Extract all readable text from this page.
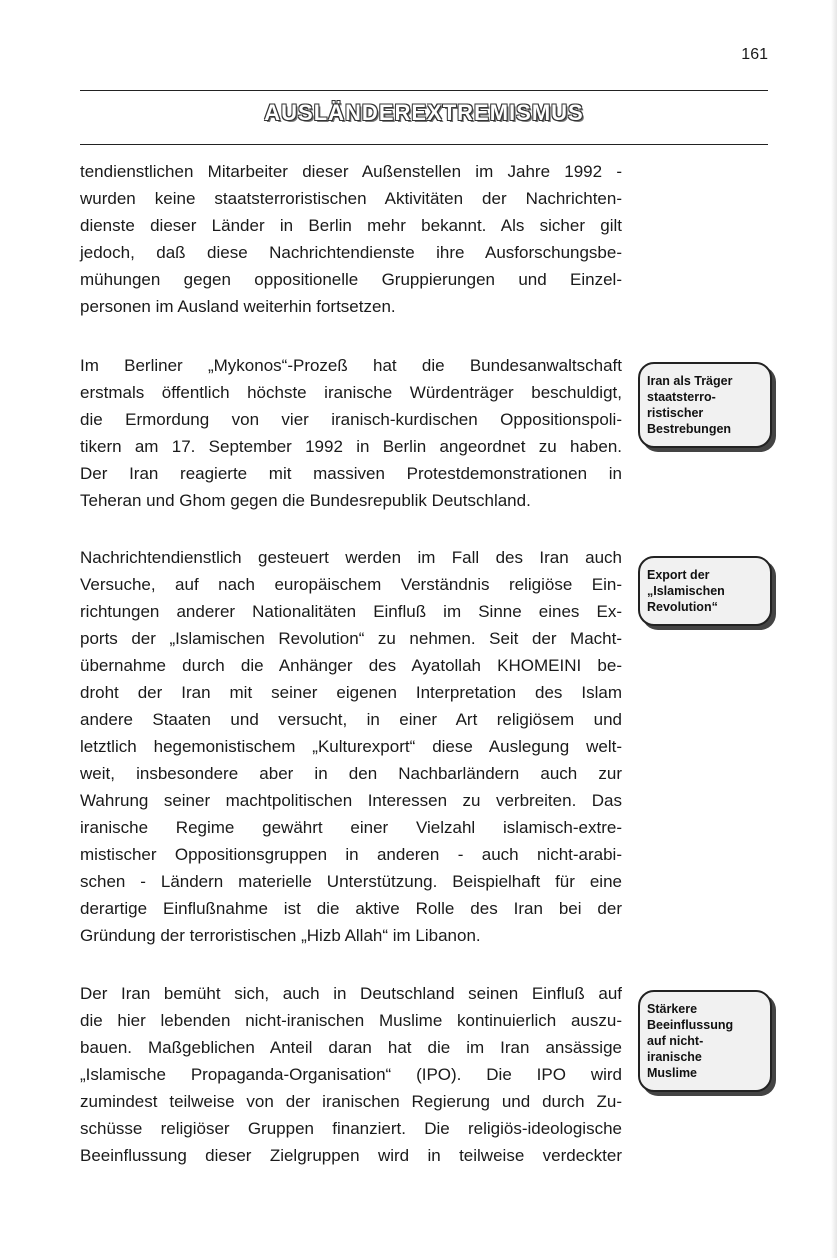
161
AUSLÄNDEREXTREMISMUS
tendienstlichen Mitarbeiter dieser Außenstellen im Jahre 1992 -
wurden keine staatsterroristischen Aktivitäten der Nachrichten-
dienste dieser Länder in Berlin mehr bekannt. Als sicher gilt
jedoch, daß diese Nachrichtendienste ihre Ausforschungsbe-
mühungen gegen oppositionelle Gruppierungen und Einzel-
personen im Ausland weiterhin fortsetzen.
Im Berliner „Mykonos“-Prozeß hat die Bundesanwaltschaft
erstmals öffentlich höchste iranische Würdenträger beschuldigt,
die Ermordung von vier iranisch-kurdischen Oppositionspoli-
tikern am 17. September 1992 in Berlin angeordnet zu haben.
Der Iran reagierte mit massiven Protestdemonstrationen in
Teheran und Ghom gegen die Bundesrepublik Deutschland.
Nachrichtendienstlich gesteuert werden im Fall des Iran auch
Versuche, auf nach europäischem Verständnis religiöse Ein-
richtungen anderer Nationalitäten Einfluß im Sinne eines Ex-
ports der „Islamischen Revolution“ zu nehmen. Seit der Macht-
übernahme durch die Anhänger des Ayatollah KHOMEINI be-
droht der Iran mit seiner eigenen Interpretation des Islam
andere Staaten und versucht, in einer Art religiösem und
letztlich hegemonistischem „Kulturexport“ diese Auslegung welt-
weit, insbesondere aber in den Nachbarländern auch zur
Wahrung seiner machtpolitischen Interessen zu verbreiten. Das
iranische Regime gewährt einer Vielzahl islamisch-extre-
mistischer Oppositionsgruppen in anderen - auch nicht-arabi-
schen - Ländern materielle Unterstützung. Beispielhaft für eine
derartige Einflußnahme ist die aktive Rolle des Iran bei der
Gründung der terroristischen „Hizb Allah“ im Libanon.
Der Iran bemüht sich, auch in Deutschland seinen Einfluß auf
die hier lebenden nicht-iranischen Muslime kontinuierlich auszu-
bauen. Maßgeblichen Anteil daran hat die im Iran ansässige
„Islamische Propaganda-Organisation“ (IPO). Die IPO wird
zumindest teilweise von der iranischen Regierung und durch Zu-
schüsse religiöser Gruppen finanziert. Die religiös-ideologische
Beeinflussung dieser Zielgruppen wird in teilweise verdeckter
Iran als Träger
staatsterro-
ristischer
Bestrebungen
Export der
„Islamischen
Revolution“
Stärkere
Beeinflussung
auf nicht-
iranische
Muslime
